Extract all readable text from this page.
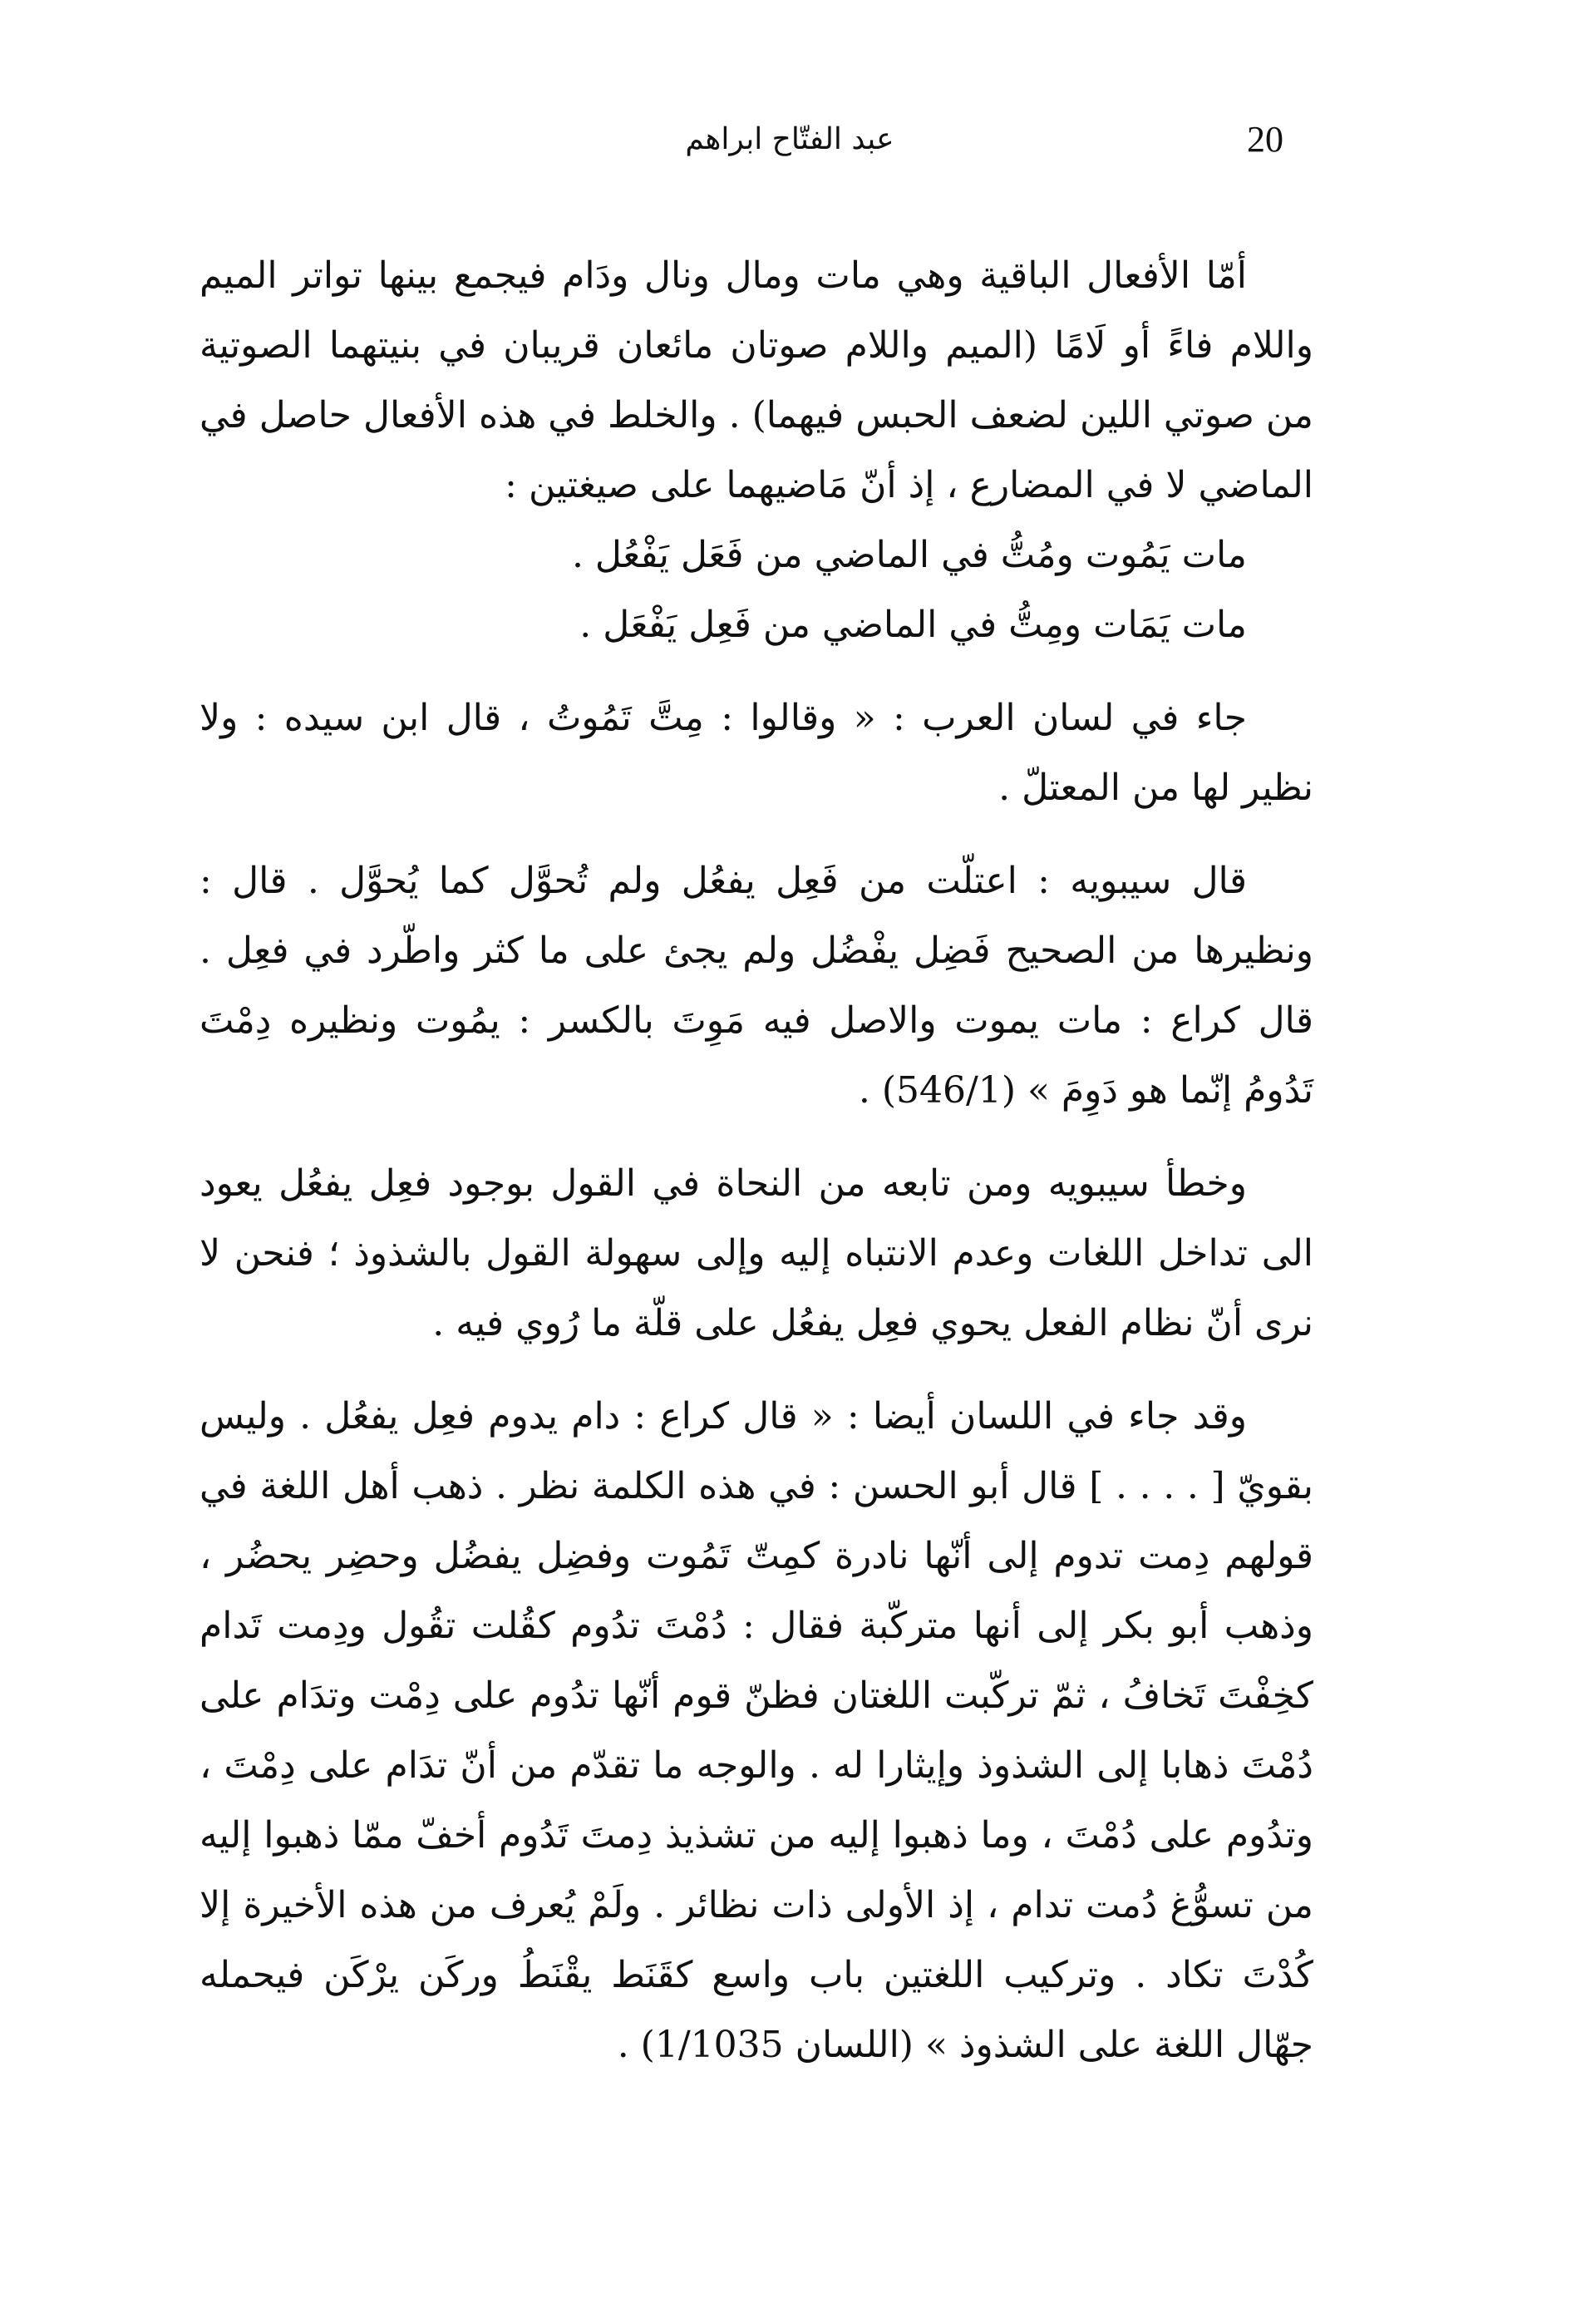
20
عبد الفتّاح ابراهم

أمّا الأفعال الباقية وهي مات ومال ونال ودَام فيجمع بينها تواتر الميم واللام فاءً أو لَامًا (الميم واللام صوتان مائعان قريبان في بنيتهما الصوتية من صوتي اللين لضعف الحبس فيهما) . والخلط في هذه الأفعال حاصل في الماضي لا في المضارع ، إذ أنّ مَاضيهما على صيغتين :

مات يَمُوت ومُتُّ في الماضي من فَعَل يَفْعُل .

مات يَمَات ومِتُّ في الماضي من فَعِل يَفْعَل .

جاء في لسان العرب : « وقالوا : مِتَّ تَمُوتُ ، قال ابن سيده : ولا نظير لها من المعتلّ .

قال سيبويه : اعتلّت من فَعِل يفعُل ولم تُحوَّل كما يُحوَّل . قال : ونظيرها من الصحيح فَضِل يفْضُل ولم يجئ على ما كثر واطّرد في فعِل . قال كراع : مات يموت والاصل فيه مَوِتَ بالكسر : يمُوت ونظيره دِمْتَ تَدُومُ إنّما هو دَوِمَ » (546/1) .

وخطأ سيبويه ومن تابعه من النحاة في القول بوجود فعِل يفعُل يعود الى تداخل اللغات وعدم الانتباه إليه وإلى سهولة القول بالشذوذ ؛ فنحن لا نرى أنّ نظام الفعل يحوي فعِل يفعُل على قلّة ما رُوي فيه .

وقد جاء في اللسان أيضا : « قال كراع : دام يدوم فعِل يفعُل . وليس بقويّ [ . . . . ] قال أبو الحسن : في هذه الكلمة نظر . ذهب أهل اللغة في قولهم دِمت تدوم إلى أنّها نادرة كمِتّ تَمُوت وفضِل يفضُل وحضِر يحضُر ، وذهب أبو بكر إلى أنها متركّبة فقال : دُمْتَ تدُوم كقُلت تقُول ودِمت تَدام كخِفْتَ تَخافُ ، ثمّ تركّبت اللغتان فظنّ قوم أنّها تدُوم على دِمْت وتدَام على دُمْتَ ذهابا إلى الشذوذ وإيثارا له . والوجه ما تقدّم من أنّ تدَام على دِمْتَ ، وتدُوم على دُمْتَ ، وما ذهبوا إليه من تشذيذ دِمتَ تَدُوم أخفّ ممّا ذهبوا إليه من تسوُّغ دُمت تدام ، إذ الأولى ذات نظائر . ولَمْ يُعرف من هذه الأخيرة إلا كُدْتَ تكاد . وتركيب اللغتين باب واسع كقَنَط يقْنَطُ وركَن يرْكَن فيحمله جهّال اللغة على الشذوذ » (اللسان 1/1035) .
